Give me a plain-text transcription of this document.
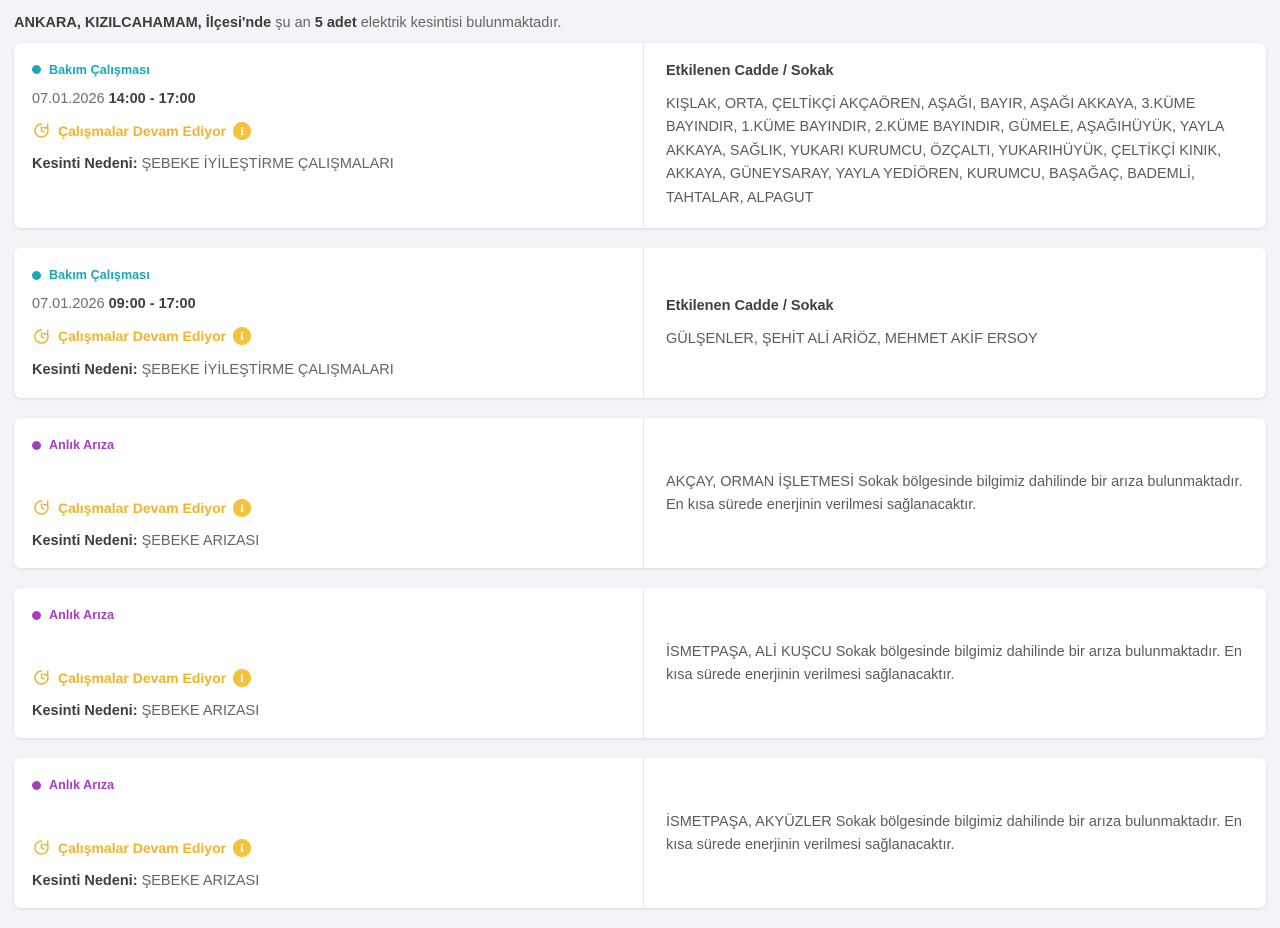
ANKARA, KIZILCAHAMAM, İlçesi'nde şu an 5 adet elektrik kesintisi bulunmaktadır.
Bakım Çalışması
07.01.2026 14:00 - 17:00
Çalışmalar Devam Ediyor	i
Kesinti Nedeni: ŞEBEKE İYİLEŞTİRME ÇALIŞMALARI
Etkilenen Cadde / Sokak
KIŞLAK, ORTA, ÇELTİKÇİ AKÇAÖREN, AŞAĞI, BAYIR, AŞAĞI AKKAYA, 3.KÜME BAYINDIR, 1.KÜME BAYINDIR, 2.KÜME BAYINDIR, GÜMELE, AŞAĞIHÜYÜK, YAYLA AKKAYA, SAĞLIK, YUKARI KURUMCU, ÖZÇALTI, YUKARIHÜYÜK, ÇELTİKÇİ KINIK, AKKAYA, GÜNEYSARAY, YAYLA YEDİÖREN, KURUMCU, BAŞAĞAÇ, BADEMLİ, TAHTALAR, ALPAGUT
Bakım Çalışması
07.01.2026 09:00 - 17:00
Çalışmalar Devam Ediyor	i
Kesinti Nedeni: ŞEBEKE İYİLEŞTİRME ÇALIŞMALARI
Etkilenen Cadde / Sokak
GÜLŞENLER, ŞEHİT ALİ ARİÖZ, MEHMET AKİF ERSOY
Anlık Arıza
Çalışmalar Devam Ediyor	i
Kesinti Nedeni: ŞEBEKE ARIZASI
AKÇAY, ORMAN İŞLETMESİ Sokak bölgesinde bilgimiz dahilinde bir arıza bulunmaktadır. En kısa sürede enerjinin verilmesi sağlanacaktır.
Anlık Arıza
Çalışmalar Devam Ediyor	i
Kesinti Nedeni: ŞEBEKE ARIZASI
İSMETPAŞA, ALİ KUŞCU Sokak bölgesinde bilgimiz dahilinde bir arıza bulunmaktadır. En kısa sürede enerjinin verilmesi sağlanacaktır.
Anlık Arıza
Çalışmalar Devam Ediyor	i
Kesinti Nedeni: ŞEBEKE ARIZASI
İSMETPAŞA, AKYÜZLER Sokak bölgesinde bilgimiz dahilinde bir arıza bulunmaktadır. En kısa sürede enerjinin verilmesi sağlanacaktır.
